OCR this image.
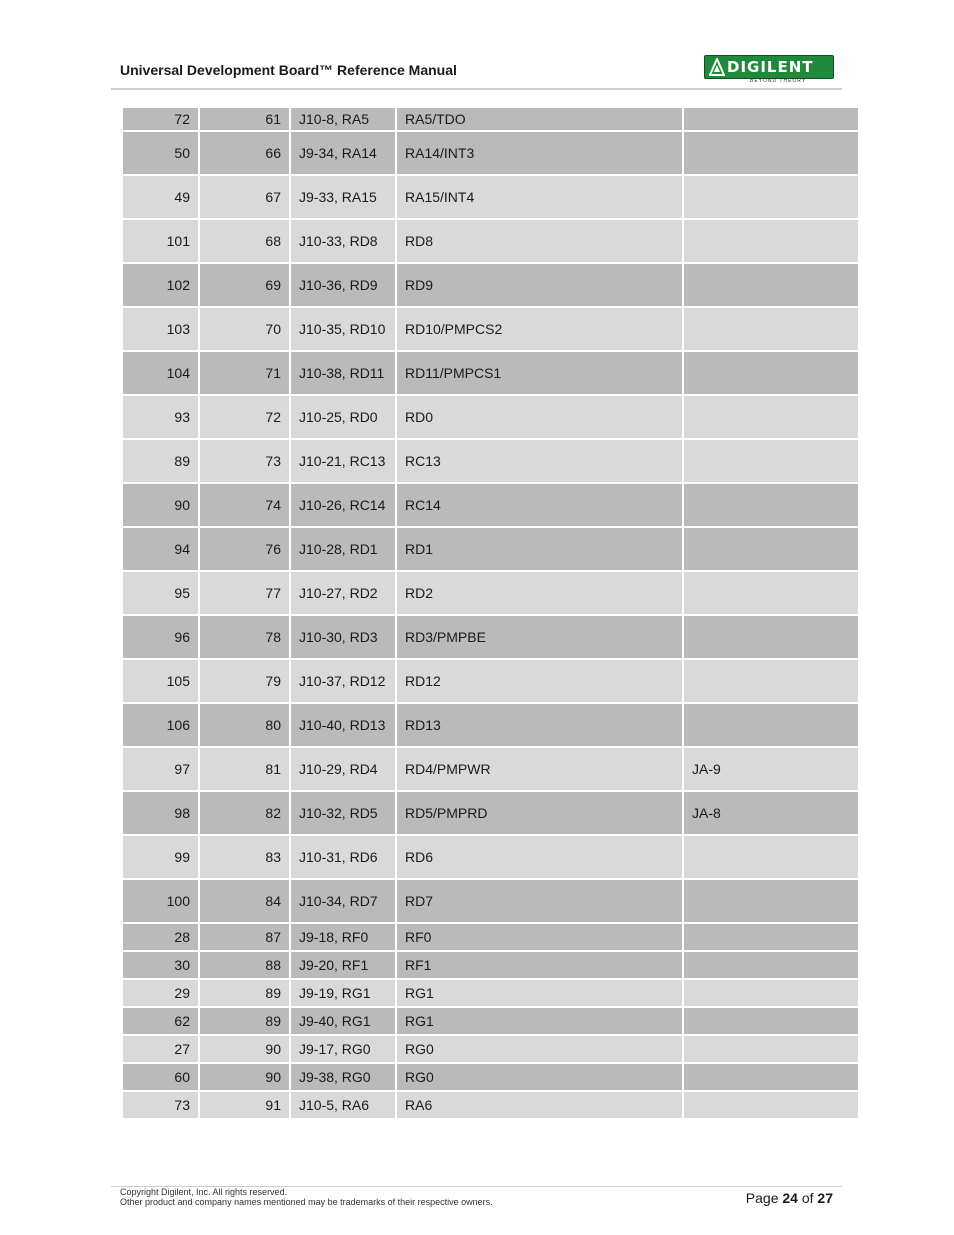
Universal Development Board™ Reference Manual	DIGILENT
BEYOND THEORY
72	61	J10-8, RA5	RA5/TDO	
50	66	J9-34, RA14	RA14/INT3	
49	67	J9-33, RA15	RA15/INT4	
101	68	J10-33, RD8	RD8	
102	69	J10-36, RD9	RD9	
103	70	J10-35, RD10	RD10/PMPCS2	
104	71	J10-38, RD11	RD11/PMPCS1	
93	72	J10-25, RD0	RD0	
89	73	J10-21, RC13	RC13	
90	74	J10-26, RC14	RC14	
94	76	J10-28, RD1	RD1	
95	77	J10-27, RD2	RD2	
96	78	J10-30, RD3	RD3/PMPBE	
105	79	J10-37, RD12	RD12	
106	80	J10-40, RD13	RD13	
97	81	J10-29, RD4	RD4/PMPWR	JA-9
98	82	J10-32, RD5	RD5/PMPRD	JA-8
99	83	J10-31, RD6	RD6	
100	84	J10-34, RD7	RD7	
28	87	J9-18, RF0	RF0	
30	88	J9-20, RF1	RF1	
29	89	J9-19, RG1	RG1	
62	89	J9-40, RG1	RG1	
27	90	J9-17, RG0	RG0	
60	90	J9-38, RG0	RG0	
73	91	J10-5, RA6	RA6	
Copyright Digilent, Inc. All rights reserved.
Other product and company names mentioned may be trademarks of their respective owners.	Page 24 of 27
